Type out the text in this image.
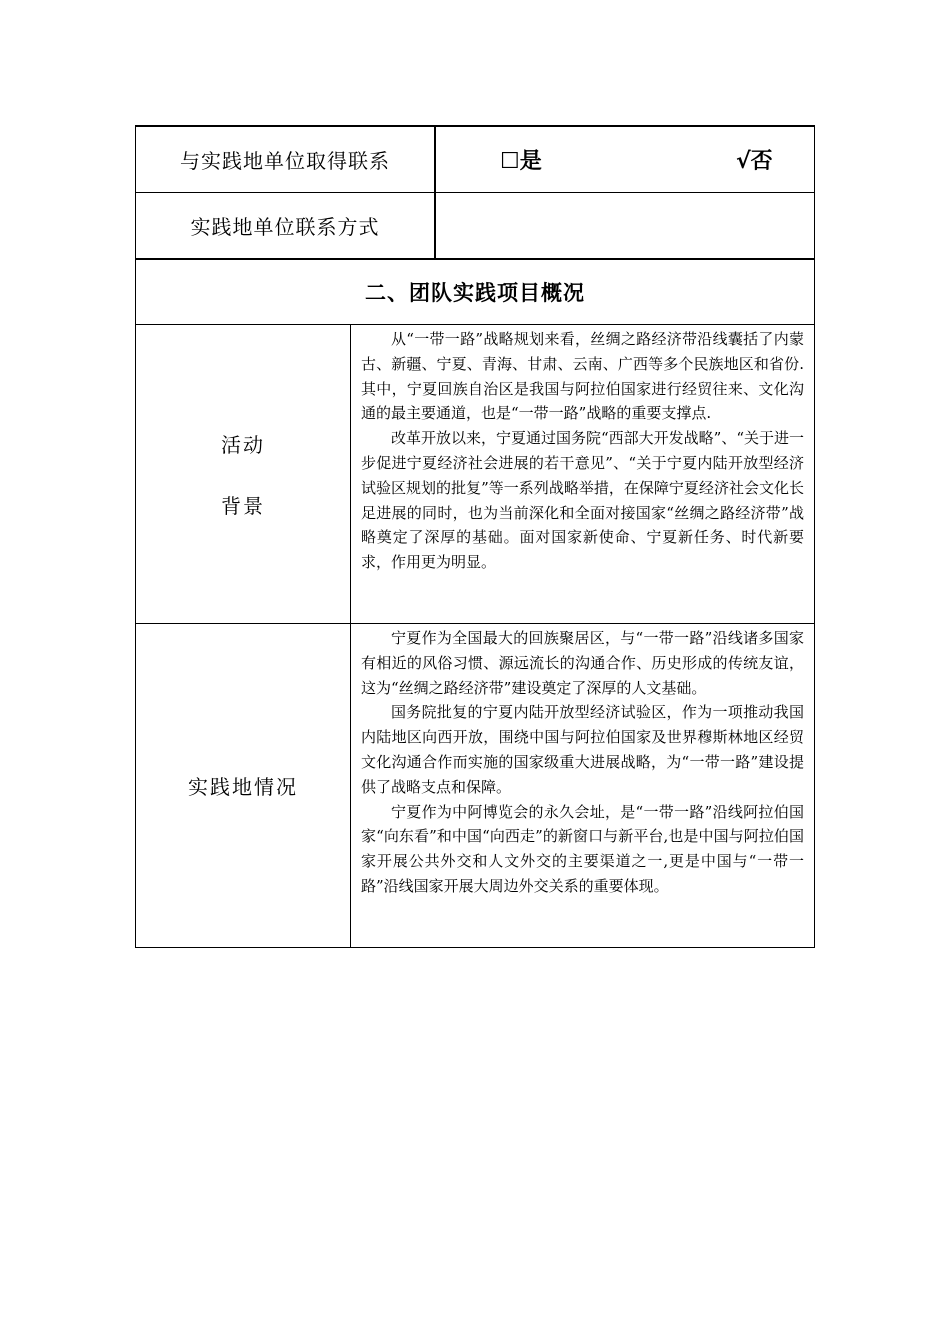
与实践地单位取得联系	☐是	√否
实践地单位联系方式
二、团队实践项目概况
活动
背景

从“一带一路”战略规划来看，丝绸之路经济带沿线囊括了内蒙古、新疆、宁夏、青海、甘肃、云南、广西等多个民族地区和省份.其中，宁夏回族自治区是我国与阿拉伯国家进行经贸往来、文化沟通的最主要通道，也是“一带一路”战略的重要支撑点.

改革开放以来，宁夏通过国务院“西部大开发战略”、“关于进一步促进宁夏经济社会进展的若干意见”、“关于宁夏内陆开放型经济试验区规划的批复”等一系列战略举措，在保障宁夏经济社会文化长足进展的同时，也为当前深化和全面对接国家“丝绸之路经济带”战略奠定了深厚的基础。面对国家新使命、宁夏新任务、时代新要求，作用更为明显。

实践地情况

宁夏作为全国最大的回族聚居区，与“一带一路”沿线诸多国家有相近的风俗习惯、源远流长的沟通合作、历史形成的传统友谊，这为“丝绸之路经济带”建设奠定了深厚的人文基础。

国务院批复的宁夏内陆开放型经济试验区，作为一项推动我国内陆地区向西开放，围绕中国与阿拉伯国家及世界穆斯林地区经贸文化沟通合作而实施的国家级重大进展战略，为“一带一路”建设提供了战略支点和保障。

宁夏作为中阿博览会的永久会址，是“一带一路”沿线阿拉伯国家“向东看”和中国“向西走”的新窗口与新平台,也是中国与阿拉伯国家开展公共外交和人文外交的主要渠道之一,更是中国与“一带一路”沿线国家开展大周边外交关系的重要体现。
